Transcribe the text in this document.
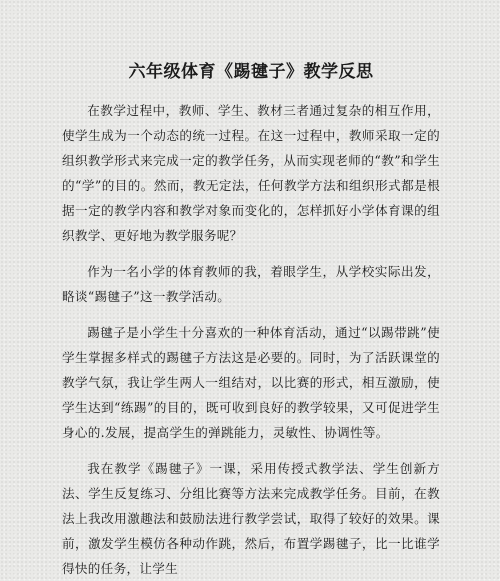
六年级体育《踢毽子》教学反思

在教学过程中，教师、学生、教材三者通过复杂的相互作用，使学生成为一个动态的统一过程。在这一过程中，教师采取一定的组织教学形式来完成一定的教学任务，从而实现老师的“教”和学生的“学”的目的。然而，教无定法，任何教学方法和组织形式都是根据一定的教学内容和教学对象而变化的，怎样抓好小学体育课的组织教学、更好地为教学服务呢？

作为一名小学的体育教师的我，着眼学生，从学校实际出发，略谈“踢毽子”这一教学活动。

踢毽子是小学生十分喜欢的一种体育活动，通过“以踢带跳”使学生掌握多样式的踢毽子方法这是必要的。同时，为了活跃课堂的教学气氛，我让学生两人一组结对，以比赛的形式，相互激励，使学生达到“练踢”的目的，既可收到良好的教学较果，又可促进学生身心的.发展，提高学生的弹跳能力，灵敏性、协调性等。

我在教学《踢毽子》一课，采用传授式教学法、学生创新方法、学生反复练习、分组比赛等方法来完成教学任务。目前，在教法上我改用激趣法和鼓励法进行教学尝试，取得了较好的效果。课前，激发学生模仿各种动作跳，然后，布置学踢毽子，比一比谁学得快的任务，让学生
